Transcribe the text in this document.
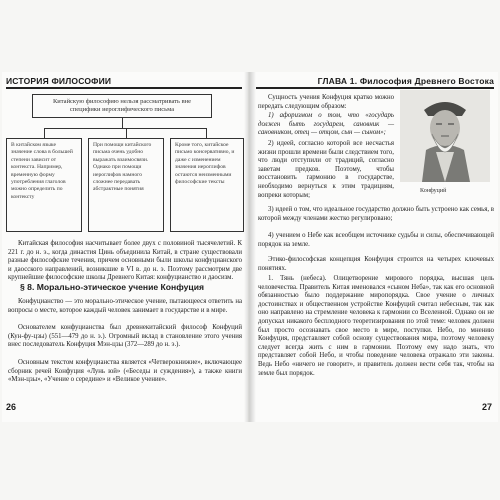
ИСТОРИЯ ФИЛОСОФИИ
Китайскую философию нельзя рассматривать вне специфики иероглифического письма
В китайском языке значение слова в большей степени зависит от контекста. Например, временную форму употребления глаголов можно определить по контексту
При помощи китайского письма очень удобно выражать взаимосвязи. Однако при помощи иероглифов намного сложнее передавать абстрактные понятия
Кроме того, китайское письмо консервативно, и даже с изменением значения иероглифов остаются неизменными философские тексты
Китайская философия насчитывает более двух с половиной тысячелетий. К 221 г. до н. э., когда династия Цинь объединила Китай, в стране существовали разные философские течения, причем основными были школы конфуцианского и даосского направлений, возникшие в VI в. до н. э. Поэтому рассмотрим две крупнейшие философские школы Древнего Китая: конфуцианство и даосизм.
§ 8. Морально-этическое учение Конфуция
Конфуцианство — это морально-этическое учение, пытающееся ответить на вопросы о месте, которое каждый человек занимает в государстве и в мире.
Основателем конфуцианства был древнекитайский философ Конфуций (Кун-фу-цзы) (551—479 до н. э.). Огромный вклад в становление этого учения внес последователь Конфуция Мэн-цзы (372—289 до н. э.).
Основным текстом конфуцианства является «Четверокнижие», включающее сборник речей Конфуция «Лунь юй» («Беседы и суждения»), а также книги «Мэн-цзы», «Учение о середине» и «Великое учение».
26
ГЛАВА 1. Философия Древнего Востока
Сущность учения Конфуция кратко можно передать следующим образом:
1) афоризмом о том, что «государь должен быть государем, сановник — сановником, отец — отцом, сын — сыном»;
2) идеей, согласно которой все несчастья жизни прошли времени были следствием того, что люди отступили от традиций, согласно заветам предков. Поэтому, чтобы восстановить гармонию в государстве, необходимо вернуться к этим традициям, вопреки которым;
Конфуций
3) идеей о том, что идеальное государство должно быть устроено как семья, в которой между членами жестко регулировано;
4) учением о Небе как всеобщем источнике судьбы и силы, обеспечивающей порядок на земле.
Этико-философская концепция Конфуция строится на четырех ключевых понятиях.
1. Тянь (небеса). Олицетворение мирового порядка, высшая цель человечества. Правитель Китая именовался «сыном Неба», так как его основной обязанностью было поддержание миропорядка. Свое учение о личных достоинствах и общественном устройстве Конфуций считал небесным, так как оно направлено на стремление человека к гармонии со Вселенной. Однако он не допускал никакого бесплодного теоретизирования по этой теме: человек должен был просто осознавать свое место в мире, поступки. Небо, по мнению Конфуция, представляет собой основу существования мира, поэтому человеку следует всегда жить с ним в гармонии. Поэтому ему надо знать, что представляет собой Небо, и чтобы поведение человека отражало эти законы. Ведь Небо «ничего не говорит», и правитель должен вести себя так, чтобы на земле был порядок.
27
